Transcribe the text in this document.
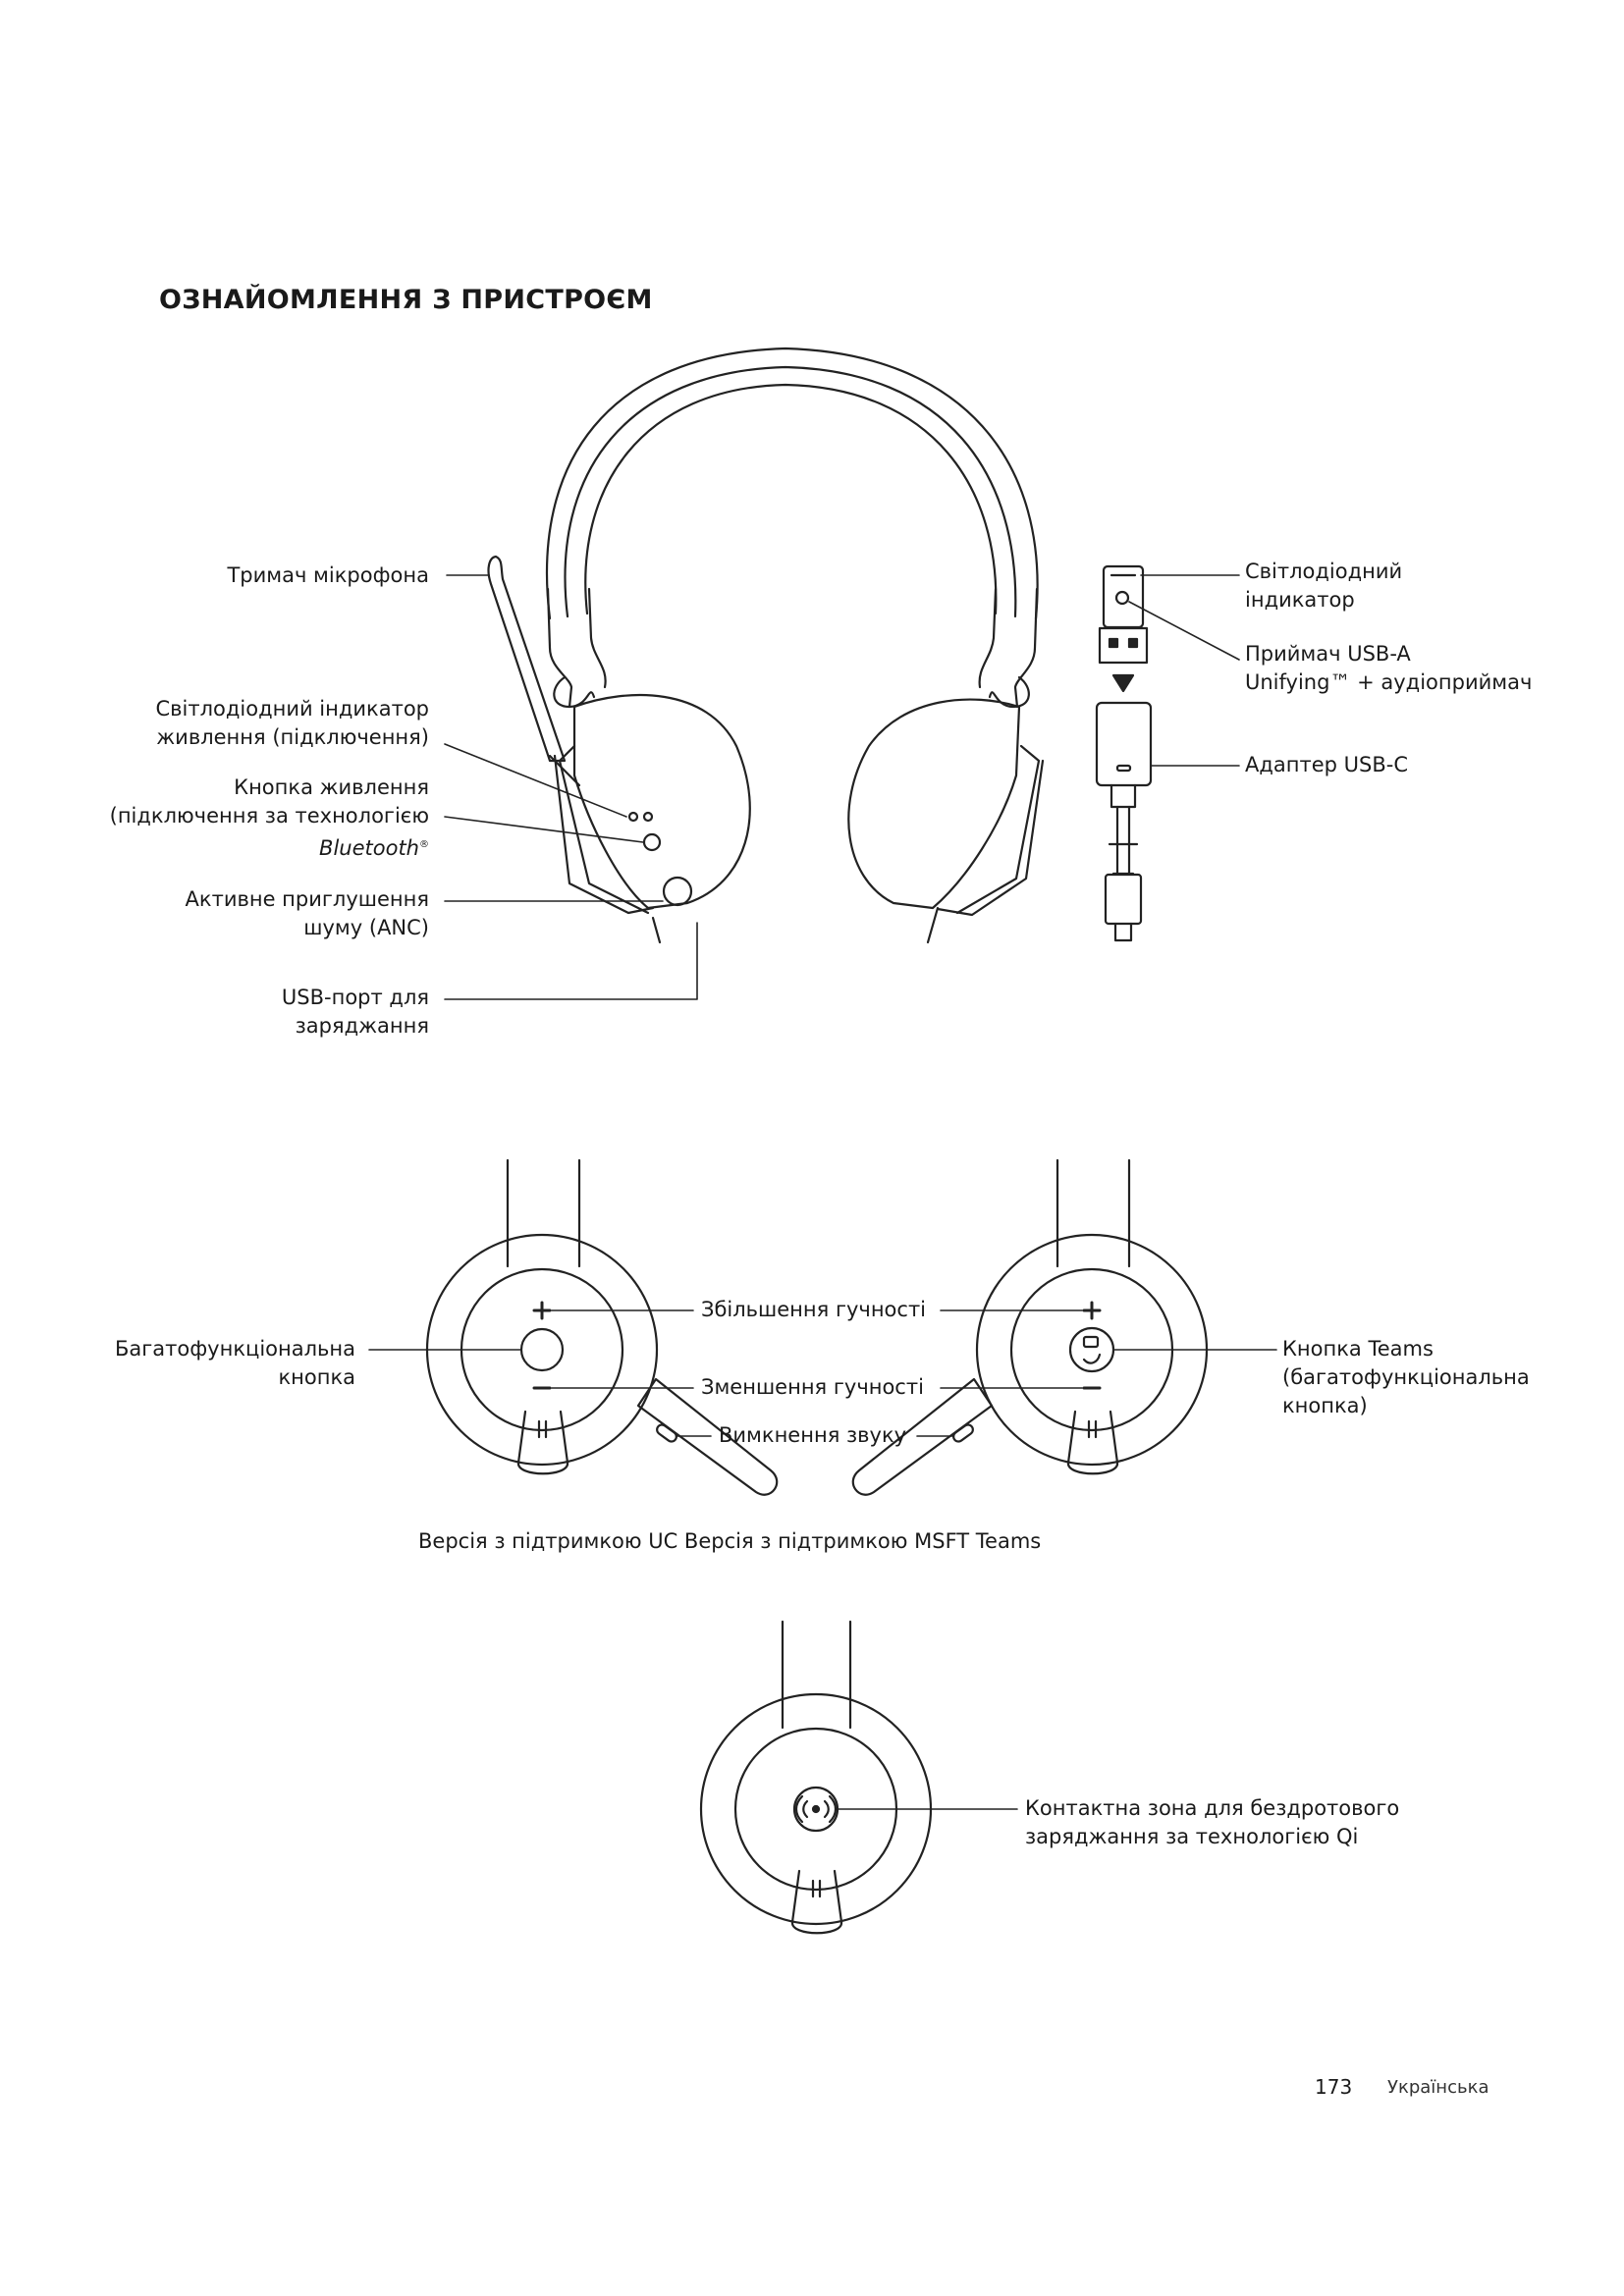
ОЗНАЙОМЛЕННЯ З ПРИСТРОЄМ
Тримач мікрофона
Світлодіодний індикатор
живлення (підключення)
Кнопка живлення
(підключення за технологією
Bluetooth®
Активне приглушення
шуму (ANC)
USB-порт для
заряджання
Світлодіодний
індикатор
Приймач USB-A
Unifying™ + аудіоприймач
Адаптер USB-C
Багатофункціональна
кнопка
Збільшення гучності
Зменшення гучності
Вимкнення звуку
Кнопка Teams
(багатофункціональна
кнопка)
Версія з підтримкою UC Версія з підтримкою MSFT Teams
Контактна зона для бездротового
заряджання за технологією Qi
173 Українська
